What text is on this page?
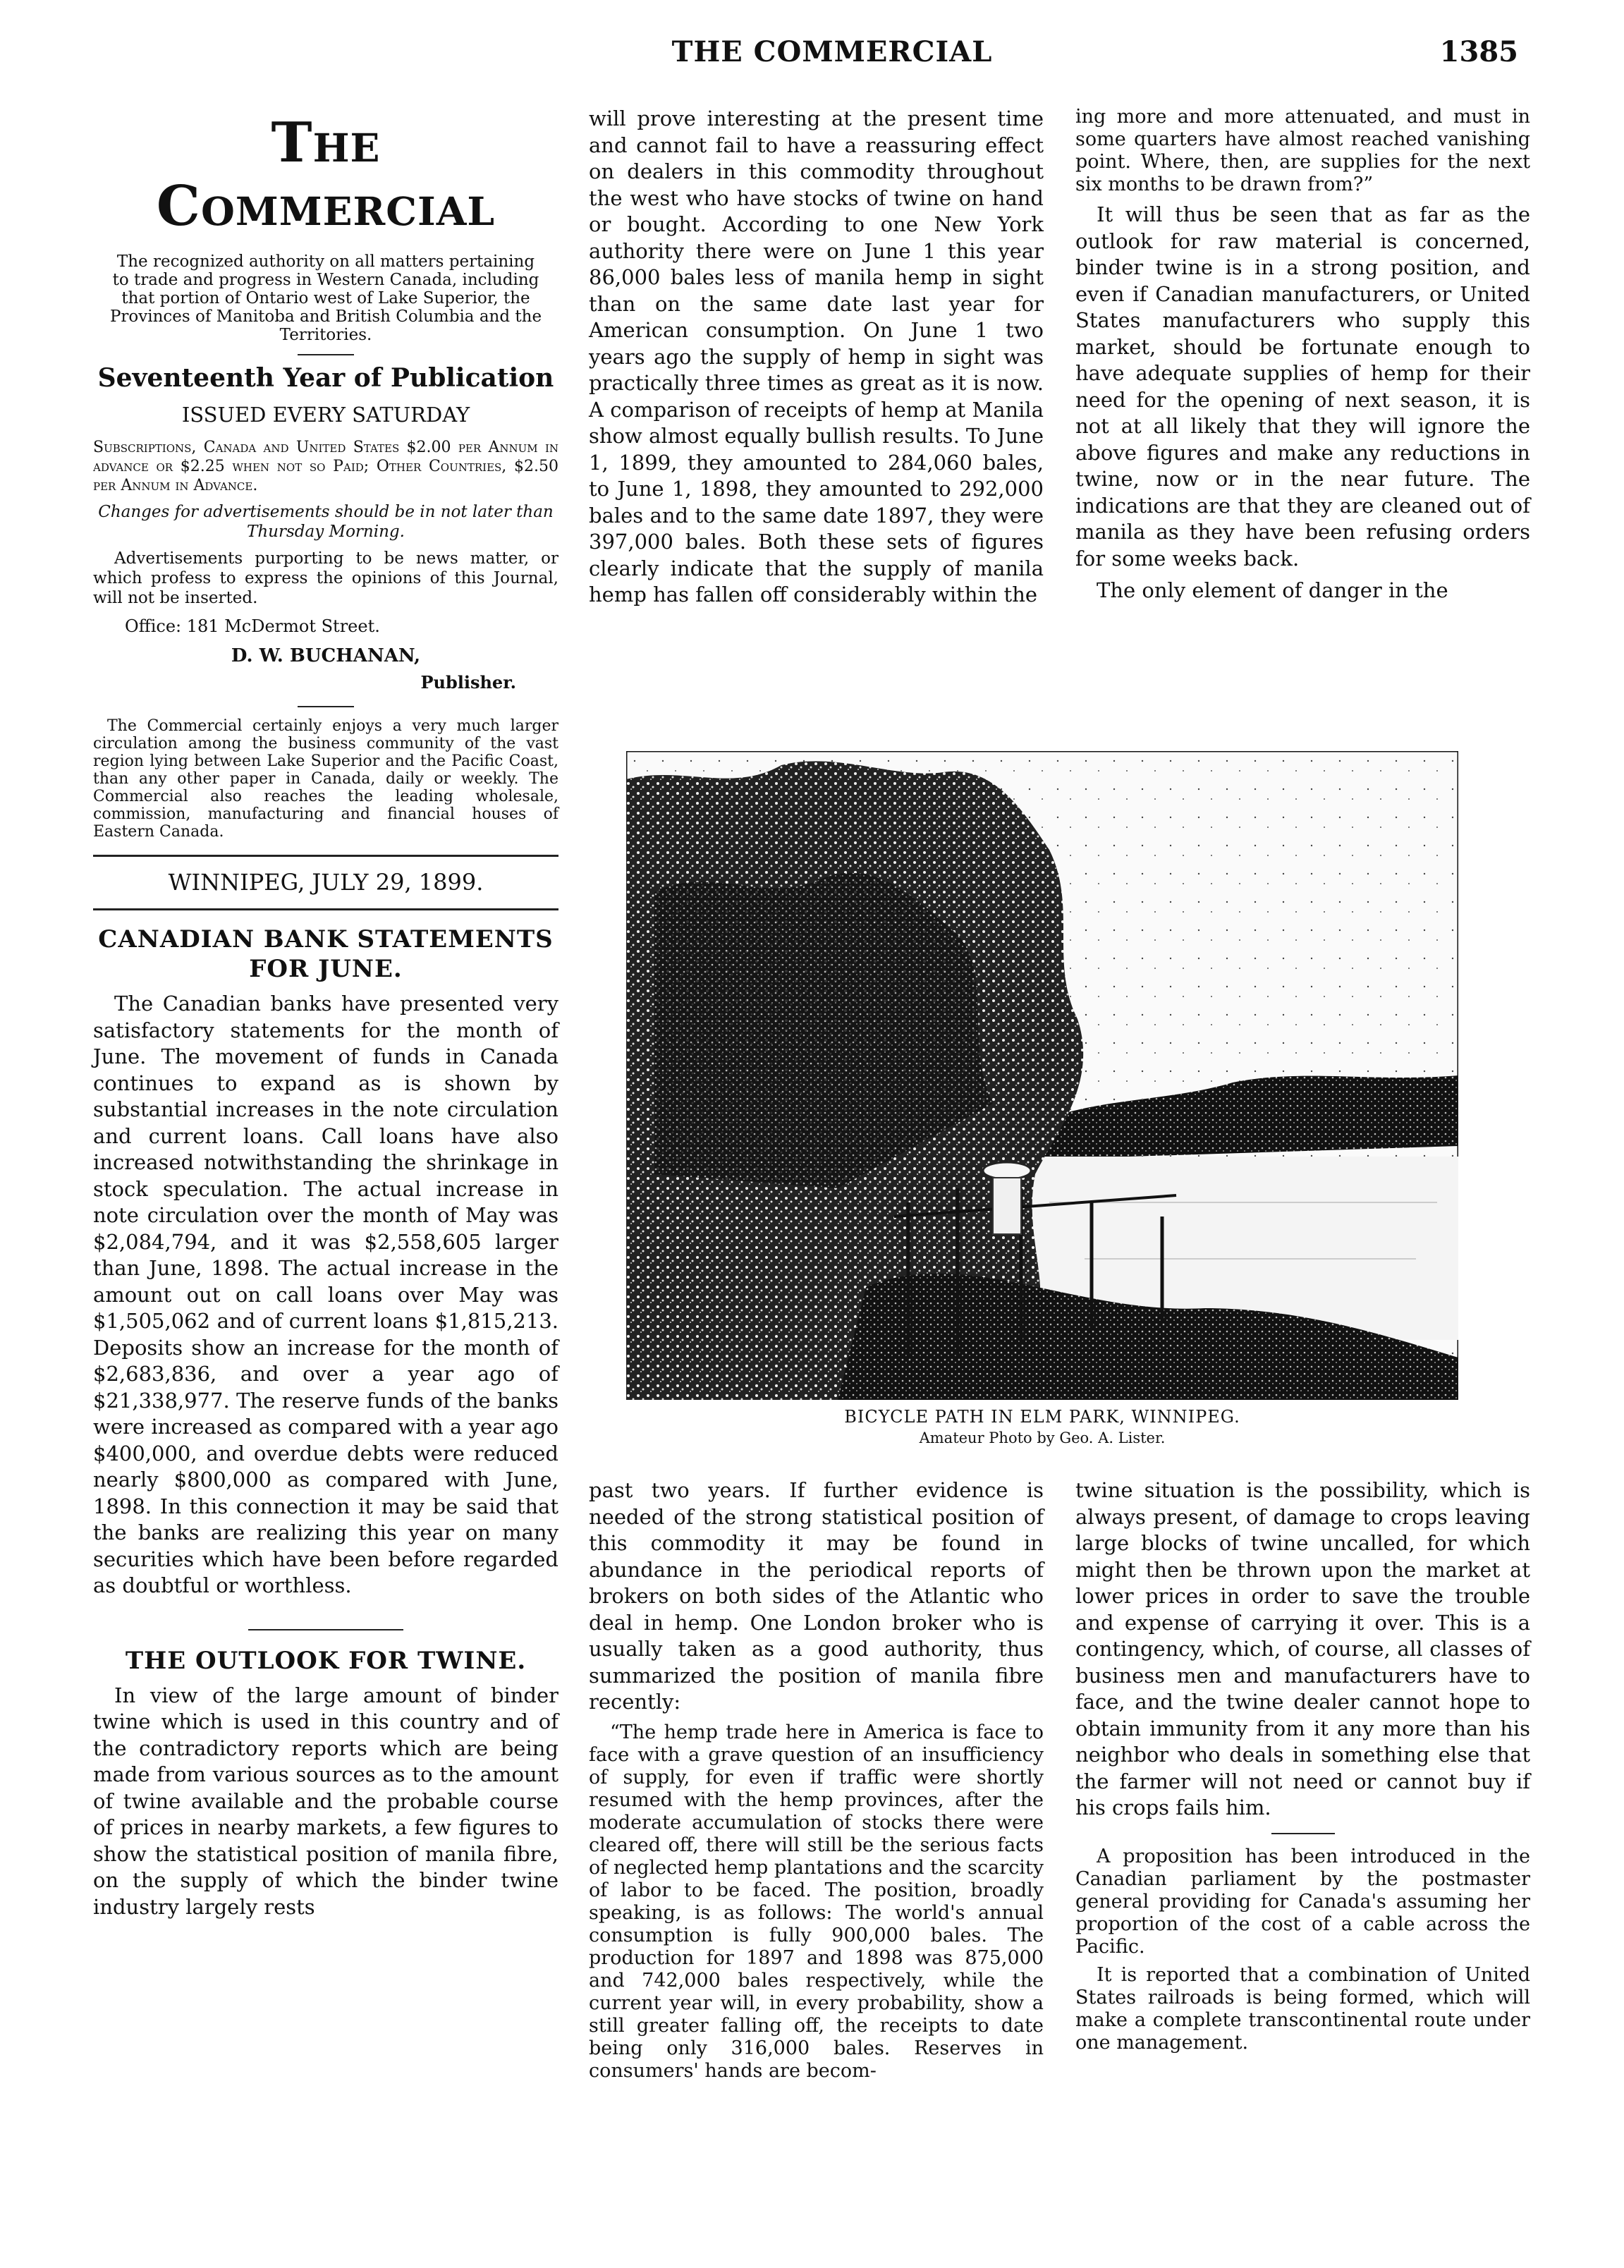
THE COMMERCIAL	1385
The Commercial
The recognized authority on all matters pertaining to trade and progress in Western Canada, including that portion of Ontario west of Lake Superior, the Provinces of Manitoba and British Columbia and the Territories.
Seventeenth Year of Publication
ISSUED EVERY SATURDAY
Subscriptions, Canada and United States $2.00 per Annum in advance or $2.25 when not so Paid; Other Countries, $2.50 per Annum in Advance.
Changes for advertisements should be in not later than Thursday Morning.
Advertisements purporting to be news matter, or which profess to express the opinions of this Journal, will not be inserted.
Office: 181 McDermot Street.
D. W. BUCHANAN,
Publisher.
The Commercial certainly enjoys a very much larger circulation among the business community of the vast region lying between Lake Superior and the Pacific Coast, than any other paper in Canada, daily or weekly. The Commercial also reaches the leading wholesale, commission, manufacturing and financial houses of Eastern Canada.
WINNIPEG, JULY 29, 1899.
CANADIAN BANK STATEMENTS FOR JUNE.

The Canadian banks have presented very satisfactory statements for the month of June. The movement of funds in Canada continues to expand as is shown by substantial increases in the note circulation and current loans. Call loans have also increased notwithstanding the shrinkage in stock speculation. The actual increase in note circulation over the month of May was $2,084,794, and it was $2,558,605 larger than June, 1898. The actual increase in the amount out on call loans over May was $1,505,062 and of current loans $1,815,213. Deposits show an increase for the month of $2,683,836, and over a year ago of $21,338,977. The reserve funds of the banks were increased as compared with a year ago $400,000, and overdue debts were reduced nearly $800,000 as compared with June, 1898. In this connection it may be said that the banks are realizing this year on many securities which have been before regarded as doubtful or worthless.

THE OUTLOOK FOR TWINE.

In view of the large amount of binder twine which is used in this country and of the contradictory reports which are being made from various sources as to the amount of twine available and the probable course of prices in nearby markets, a few figures to show the statistical position of manila fibre, on the supply of which the binder twine industry largely rests

will prove interesting at the present time and cannot fail to have a reassuring effect on dealers in this commodity throughout the west who have stocks of twine on hand or bought. According to one New York authority there were on June 1 this year 86,000 bales less of manila hemp in sight than on the same date last year for American consumption. On June 1 two years ago the supply of hemp in sight was practically three times as great as it is now. A comparison of receipts of hemp at Manila show almost equally bullish results. To June 1, 1899, they amounted to 284,060 bales, to June 1, 1898, they amounted to 292,000 bales and to the same date 1897, they were 397,000 bales. Both these sets of figures clearly indicate that the supply of manila hemp has fallen off considerably within the

ing more and more attenuated, and must in some quarters have almost reached vanishing point. Where, then, are supplies for the next six months to be drawn from?”

It will thus be seen that as far as the outlook for raw material is concerned, binder twine is in a strong position, and even if Canadian manufacturers, or United States manufacturers who supply this market, should be fortunate enough to have adequate supplies of hemp for their need for the opening of next season, it is not at all likely that they will ignore the above figures and make any reductions in twine, now or in the near future. The indications are that they are cleaned out of manila as they have been refusing orders for some weeks back.

The only element of danger in the

BICYCLE PATH IN ELM PARK, WINNIPEG.
Amateur Photo by Geo. A. Lister.

past two years. If further evidence is needed of the strong statistical position of this commodity it may be found in abundance in the periodical reports of brokers on both sides of the Atlantic who deal in hemp. One London broker who is usually taken as a good authority, thus summarized the position of manila fibre recently:

“The hemp trade here in America is face to face with a grave question of an insufficiency of supply, for even if traffic were shortly resumed with the hemp provinces, after the moderate accumulation of stocks there were cleared off, there will still be the serious facts of neglected hemp plantations and the scarcity of labor to be faced. The position, broadly speaking, is as follows: The world's annual consumption is fully 900,000 bales. The production for 1897 and 1898 was 875,000 and 742,000 bales respectively, while the current year will, in every probability, show a still greater falling off, the receipts to date being only 316,000 bales. Reserves in consumers' hands are becom-

twine situation is the possibility, which is always present, of damage to crops leaving large blocks of twine uncalled, for which might then be thrown upon the market at lower prices in order to save the trouble and expense of carrying it over. This is a contingency, which, of course, all classes of business men and manufacturers have to face, and the twine dealer cannot hope to obtain immunity from it any more than his neighbor who deals in something else that the farmer will not need or cannot buy if his crops fails him.

A proposition has been introduced in the Canadian parliament by the postmaster general providing for Canada's assuming her proportion of the cost of a cable across the Pacific.

It is reported that a combination of United States railroads is being formed, which will make a complete transcontinental route under one management.
